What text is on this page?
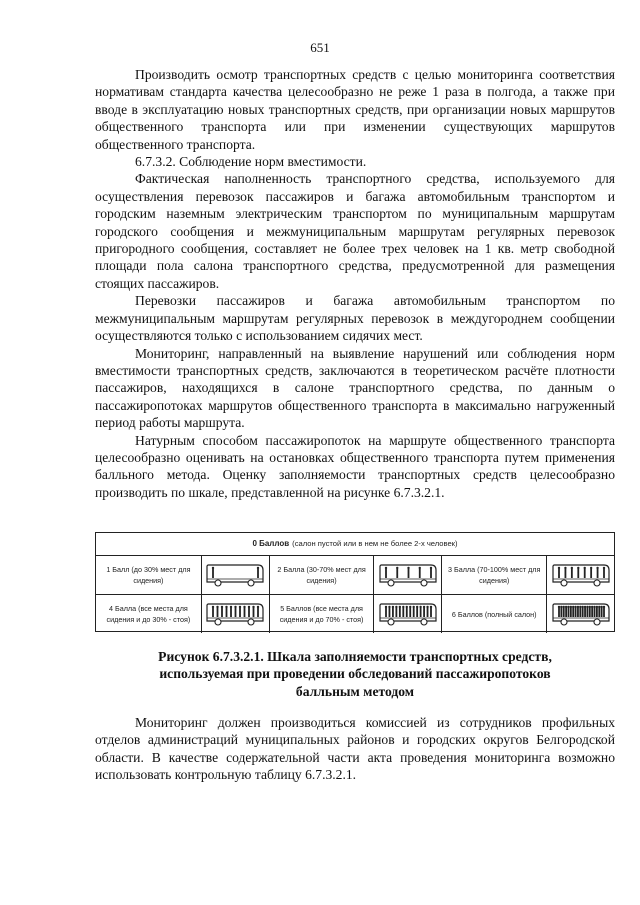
651

Производить осмотр транспортных средств с целью мониторинга соответствия нормативам стандарта качества целесообразно не реже 1 раза в полгода, а также при вводе в эксплуатацию новых транспортных средств, при организации новых маршрутов общественного транспорта или при изменении существующих маршрутов общественного транспорта.

6.7.3.2. Соблюдение норм вместимости.

Фактическая наполненность транспортного средства, используемого для осуществления перевозок пассажиров и багажа автомобильным транспортом и городским наземным электрическим транспортом по муниципальным маршрутам городского сообщения и межмуниципальным маршрутам регулярных перевозок пригородного сообщения, составляет не более трех человек на 1 кв. метр свободной площади пола салона транспортного средства, предусмотренной для размещения стоящих пассажиров.

Перевозки пассажиров и багажа автомобильным транспортом по межмуниципальным маршрутам регулярных перевозок в междугороднем сообщении осуществляются только с использованием сидячих мест.

Мониторинг, направленный на выявление нарушений или соблюдения норм вместимости транспортных средств, заключаются в теоретическом расчёте плотности пассажиров, находящихся в салоне транспортного средства, по данным о пассажиропотоках маршрутов общественного транспорта в максимально нагруженный период работы маршрута.

Натурным способом пассажиропоток на маршруте общественного транспорта целесообразно оценивать на остановках общественного транспорта путем применения балльного метода. Оценку заполняемости транспортных средств целесообразно производить по шкале, представленной на рисунке 6.7.3.2.1.

0 Баллов (салон пустой или в нем не более 2-х человек)
1 Балл (до 30% мест для сидения)
2 Балла (30-70% мест для сидения)
3 Балла (70-100% мест для сидения)
4 Балла (все места для сидения и до 30% - стоя)
5 Баллов (все места для сидения и до 70% - стоя)
6 Баллов (полный салон)
Рисунок 6.7.3.2.1. Шкала заполняемости транспортных средств,
используемая при проведении обследований пассажиропотоков
балльным методом

Мониторинг должен производиться комиссией из сотрудников профильных отделов администраций муниципальных районов и городских округов Белгородской области. В качестве содержательной части акта проведения мониторинга возможно использовать контрольную таблицу 6.7.3.2.1.
